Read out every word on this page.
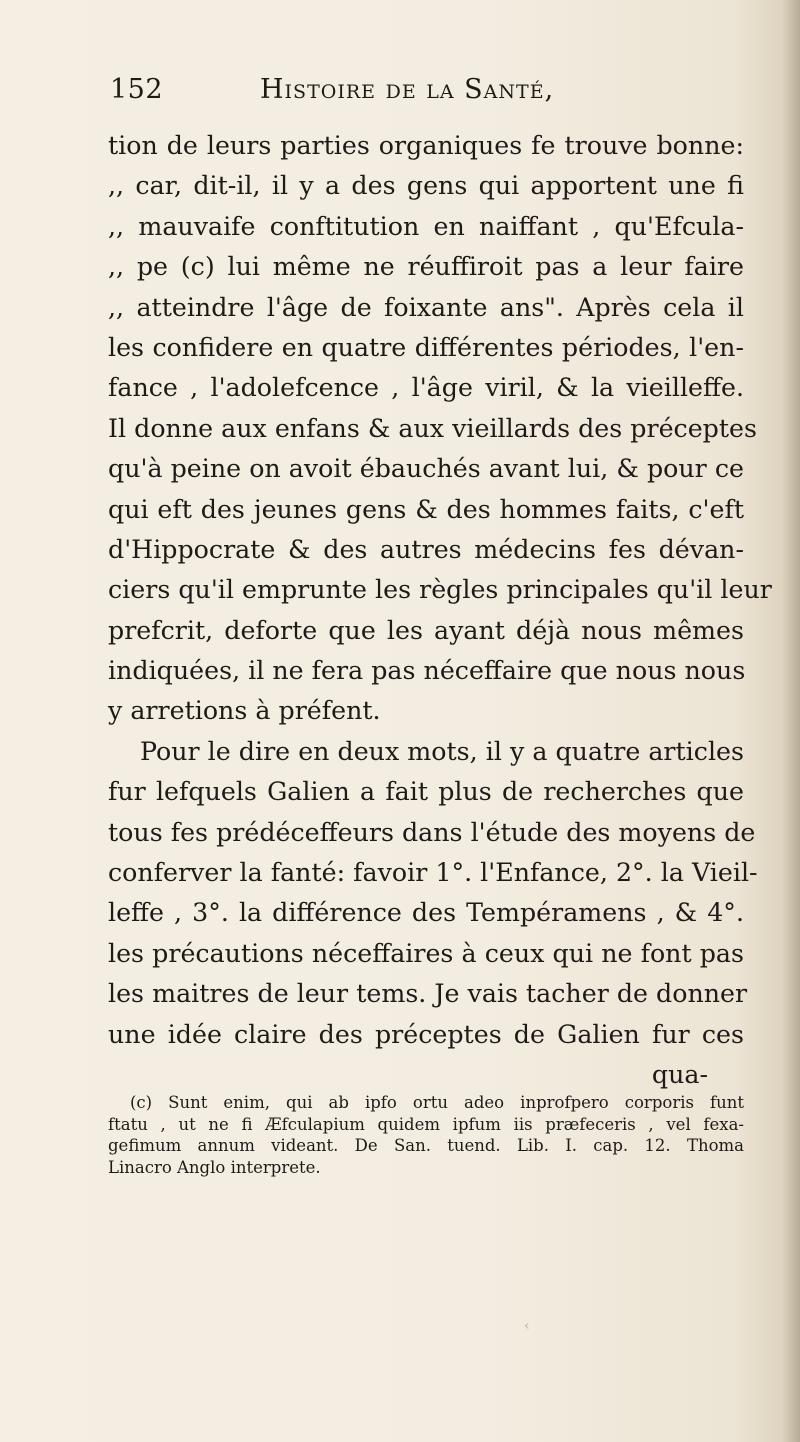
152	Histoire de la Santé,
tion de leurs parties organiques fe trouve bonne:
,, car, dit-il, il y a des gens qui apportent une fi
,, mauvaife conftitution en naiffant , qu'Efcula-
,, pe (c) lui même ne réuffiroit pas a leur faire
,, atteindre l'âge de foixante ans". Après cela il
les confidere en quatre différentes périodes, l'en-
fance , l'adolefcence , l'âge viril, & la vieilleffe.
Il donne aux enfans & aux vieillards des préceptes
qu'à peine on avoit ébauchés avant lui, & pour ce
qui eft des jeunes gens & des hommes faits, c'eft
d'Hippocrate & des autres médecins fes dévan-
ciers qu'il emprunte les règles principales qu'il leur
prefcrit, deforte que les ayant déjà nous mêmes
indiquées, il ne fera pas néceffaire que nous nous
y arretions à préfent.
Pour le dire en deux mots, il y a quatre articles
fur lefquels Galien a fait plus de recherches que
tous fes prédéceffeurs dans l'étude des moyens de
conferver la fanté: favoir 1°. l'Enfance, 2°. la Vieil-
leffe , 3°. la différence des Tempéramens , & 4°.
les précautions néceffaires à ceux qui ne font pas
les maitres de leur tems. Je vais tacher de donner
une idée claire des préceptes de Galien fur ces
qua-
(c) Sunt enim, qui ab ipfo ortu adeo inprofpero corporis funt
ftatu , ut ne fi Æfculapium quidem ipfum iis præfeceris , vel fexa-
gefimum annum videant. De San. tuend. Lib. I. cap. 12. Thoma
Linacro Anglo interprete.
‹
